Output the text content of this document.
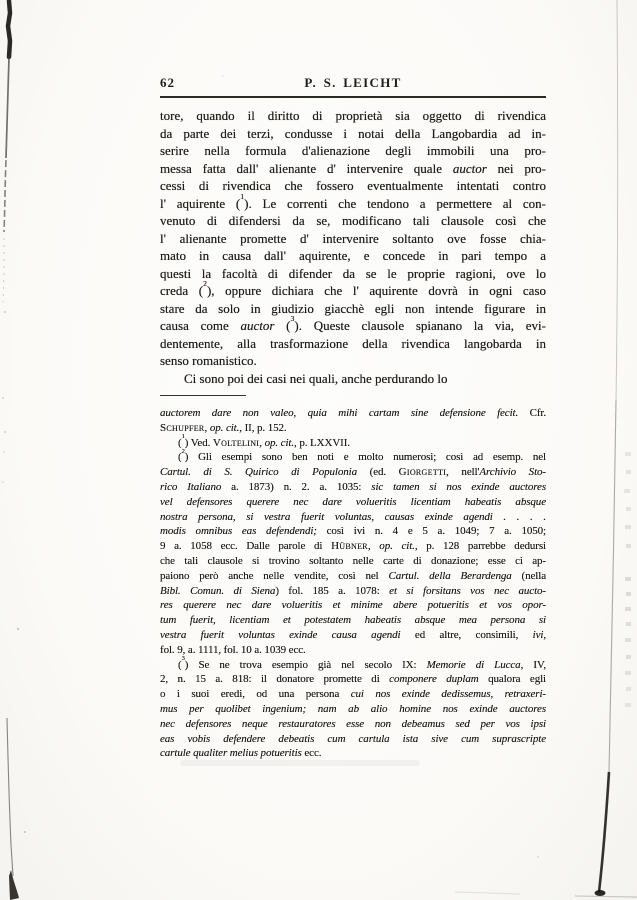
62	P. S. LEICHT
tore, quando il diritto di proprietà sia oggetto di rivendica
da parte dei terzi, condusse i notai della Langobardia ad in-
serire nella formula d'alienazione degli immobili una pro-
messa fatta dall' alienante d' intervenire quale auctor nei pro-
cessi di rivendica che fossero eventualmente intentati contro
l' aquirente ($^1$). Le correnti che tendono a permettere al con-
venuto di difendersi da se, modificano tali clausole così che
l' alienante promette d' intervenire soltanto ove fosse chia-
mato in causa dall' aquirente, e concede in pari tempo a
questi la facoltà di difender da se le proprie ragioni, ove lo
creda ($^2$), oppure dichiara che l' aquirente dovrà in ogni caso
stare da solo in giudizio giacchè egli non intende figurare in
causa come auctor ($^3$). Queste clausole spianano la via, evi-
dentemente, alla trasformazione della rivendica langobarda in
senso romanistico.
Ci sono poi dei casi nei quali, anche perdurando lo
auctorem dare non valeo, quia mihi cartam sine defensione fecit. Cfr.
Schupfer, op. cit., II, p. 152.
($^1$) Ved. Voltelini, op. cit., p. LXXVII.
($^2$) Gli esempi sono ben noti e molto numerosi; così ad esemp. nel
Cartul. di S. Quirico di Populonia (ed. Giorgetti, nell'Archivio Sto-
rico Italiano a. 1873) n. 2. a. 1035: sic tamen si nos exinde auctores
vel defensores querere nec dare volueritis licentiam habeatis absque
nostra persona, si vestra fuerit voluntas, causas exinde agendi . . . .
modis omnibus eas defendendi; così ivi n. 4 e 5 a. 1049; 7 a. 1050;
9 a. 1058 ecc. Dalle parole di Hübner, op. cit., p. 128 parrebbe dedursi
che tali clausole si trovino soltanto nelle carte di donazione; esse ci ap-
paiono però anche nelle vendite, così nel Cartul. della Berardenga (nella
Bibl. Comun. di Siena) fol. 185 a. 1078: et si forsitans vos nec aucto-
res querere nec dare volueritis et minime abere potueritis et vos opor-
tum fuerit, licentiam et potestatem habeatis absque mea persona si
vestra fuerit voluntas exinde causa agendi ed altre, consimili, ivi,
fol. 9, a. 1111, fol. 10 a. 1039 ecc.
($^3$) Se ne trova esempio già nel secolo IX: Memorie di Lucca, IV,
2, n. 15 a. 818: il donatore promette di componere duplam qualora egli
o i suoi eredi, od una persona cui nos exinde dedissemus, retraxeri-
mus per quolibet ingenium; nam ab alio homine nos exinde auctores
nec defensores neque restauratores esse non debeamus sed per vos ipsi
eas vobis defendere debeatis cum cartula ista sive cum suprascripte
cartule qualiter melius potueritis ecc.
